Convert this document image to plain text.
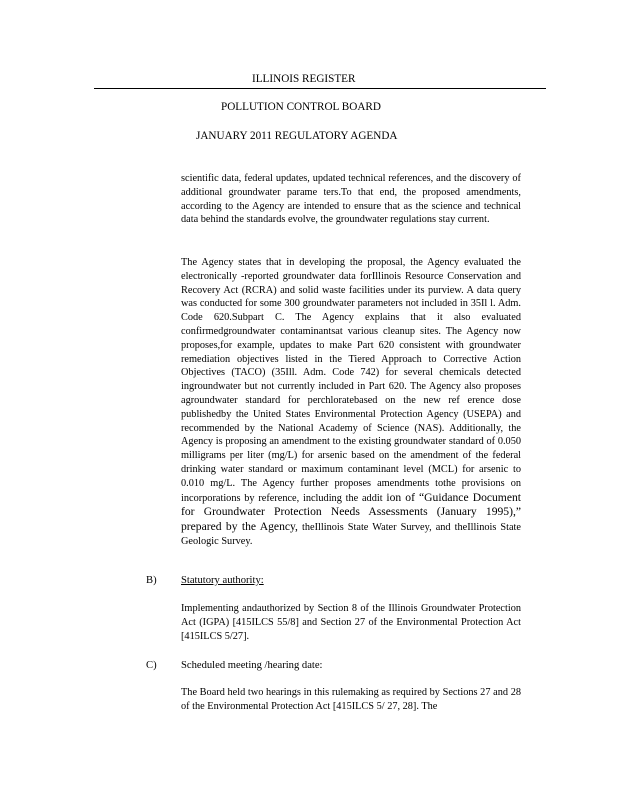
ILLINOIS REGISTER
POLLUTION CONTROL BOARD
JANUARY 2011 REGULATORY AGENDA

scientific data, federal updates, updated technical references, and the discovery of additional groundwater parame ters.To that end, the proposed amendments, according to the Agency are intended to ensure that as the science and technical data behind the standards evolve, the groundwater regulations stay current.

The Agency states that in developing the proposal, the Agency evaluated the electronically -reported groundwater data forIllinois Resource Conservation and Recovery Act (RCRA) and solid waste facilities under its purview. A data query was conducted for some 300 groundwater parameters not included in 35Il l. Adm. Code 620.Subpart C. The Agency explains that it also evaluated confirmedgroundwater contaminantsat various cleanup sites. The Agency now proposes,for example, updates to make Part 620 consistent with groundwater remediation objectives listed in the Tiered Approach to Corrective Action Objectives (TACO) (35Ill. Adm. Code 742) for several chemicals detected ingroundwater but not currently included in Part 620. The Agency also proposes agroundwater standard for perchloratebased on the new ref erence dose publishedby the United States Environmental Protection Agency (USEPA) and recommended by the National Academy of Science (NAS). Additionally, the Agency is proposing an amendment to the existing groundwater standard of 0.050 milligrams per liter (mg/L) for arsenic based on the amendment of the federal drinking water standard or maximum contaminant level (MCL) for arsenic to 0.010 mg/L. The Agency further proposes amendments tothe provisions on incorporations by reference, including the addit ion of “Guidance Document for Groundwater Protection Needs Assessments (January 1995),” prepared by the Agency, theIllinois State Water Survey, and theIllinois State Geologic Survey.

B) Statutory authority:

Implementing andauthorized by Section 8 of the Illinois Groundwater Protection Act (IGPA) [415ILCS 55/8] and Section 27 of the Environmental Protection Act [415ILCS 5/27].

C) Scheduled meeting /hearing date:

The Board held two hearings in this rulemaking as required by Sections 27 and 28 of the Environmental Protection Act [415ILCS 5/ 27, 28]. The
